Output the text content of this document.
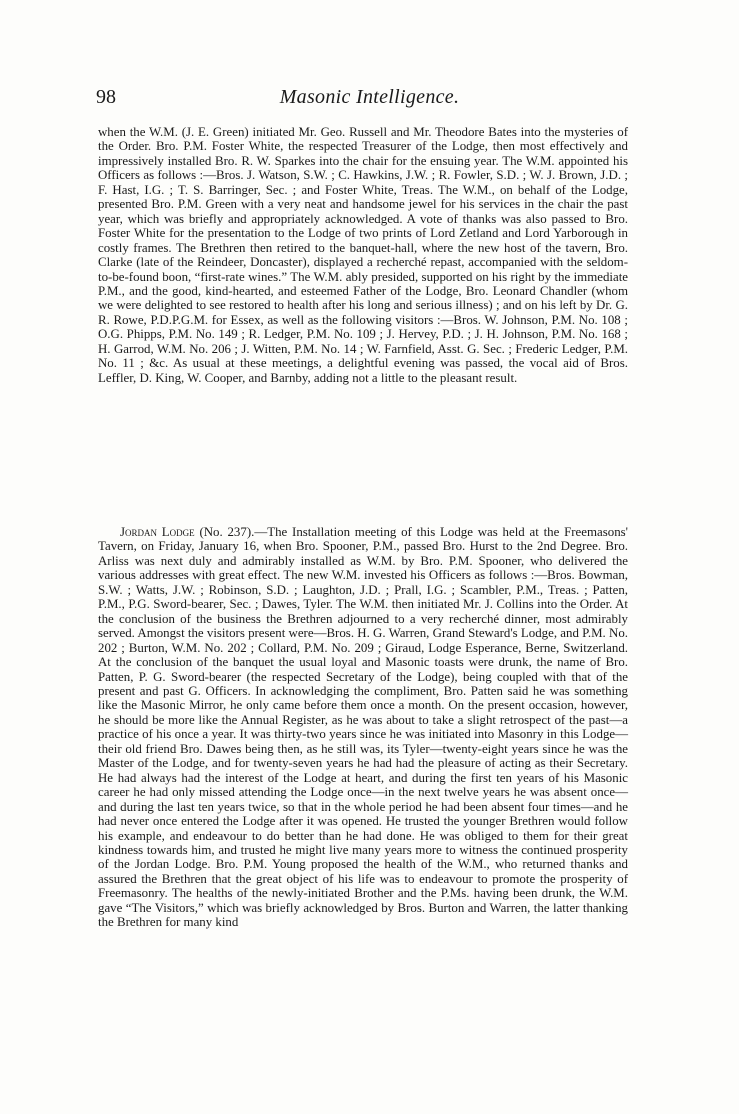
98	Masonic Intelligence.

when the W.M. (J. E. Green) initiated Mr. Geo. Russell and Mr. Theodore Bates into the mysteries of the Order. Bro. P.M. Foster White, the respected Treasurer of the Lodge, then most effectively and impressively installed Bro. R. W. Sparkes into the chair for the ensuing year. The W.M. appointed his Officers as follows :—Bros. J. Watson, S.W. ; C. Hawkins, J.W. ; R. Fowler, S.D. ; W. J. Brown, J.D. ; F. Hast, I.G. ; T. S. Barringer, Sec. ; and Foster White, Treas. The W.M., on behalf of the Lodge, presented Bro. P.M. Green with a very neat and handsome jewel for his services in the chair the past year, which was briefly and appropriately acknowledged. A vote of thanks was also passed to Bro. Foster White for the presentation to the Lodge of two prints of Lord Zetland and Lord Yarborough in costly frames. The Brethren then retired to the banquet-hall, where the new host of the tavern, Bro. Clarke (late of the Reindeer, Doncaster), displayed a recherché repast, accompanied with the seldom-to-be-found boon, “first-rate wines.” The W.M. ably presided, supported on his right by the immediate P.M., and the good, kind-hearted, and esteemed Father of the Lodge, Bro. Leonard Chandler (whom we were delighted to see restored to health after his long and serious illness) ; and on his left by Dr. G. R. Rowe, P.D.P.G.M. for Essex, as well as the following visitors :—Bros. W. Johnson, P.M. No. 108 ; O.G. Phipps, P.M. No. 149 ; R. Ledger, P.M. No. 109 ; J. Hervey, P.D. ; J. H. Johnson, P.M. No. 168 ; H. Garrod, W.M. No. 206 ; J. Witten, P.M. No. 14 ; W. Farnfield, Asst. G. Sec. ; Frederic Ledger, P.M. No. 11 ; &c. As usual at these meetings, a delightful evening was passed, the vocal aid of Bros. Leffler, D. King, W. Cooper, and Barnby, adding not a little to the pleasant result.

Jordan Lodge (No. 237).—The Installation meeting of this Lodge was held at the Freemasons' Tavern, on Friday, January 16, when Bro. Spooner, P.M., passed Bro. Hurst to the 2nd Degree. Bro. Arliss was next duly and admirably installed as W.M. by Bro. P.M. Spooner, who delivered the various addresses with great effect. The new W.M. invested his Officers as follows :—Bros. Bowman, S.W. ; Watts, J.W. ; Robinson, S.D. ; Laughton, J.D. ; Prall, I.G. ; Scambler, P.M., Treas. ; Patten, P.M., P.G. Sword-bearer, Sec. ; Dawes, Tyler. The W.M. then initiated Mr. J. Collins into the Order. At the conclusion of the business the Brethren adjourned to a very recherché dinner, most admirably served. Amongst the visitors present were—Bros. H. G. Warren, Grand Steward's Lodge, and P.M. No. 202 ; Burton, W.M. No. 202 ; Collard, P.M. No. 209 ; Giraud, Lodge Esperance, Berne, Switzerland. At the conclusion of the banquet the usual loyal and Masonic toasts were drunk, the name of Bro. Patten, P. G. Sword-bearer (the respected Secretary of the Lodge), being coupled with that of the present and past G. Officers. In acknowledging the compliment, Bro. Patten said he was something like the Masonic Mirror, he only came before them once a month. On the present occasion, however, he should be more like the Annual Register, as he was about to take a slight retrospect of the past—a practice of his once a year. It was thirty-two years since he was initiated into Masonry in this Lodge—their old friend Bro. Dawes being then, as he still was, its Tyler—twenty-eight years since he was the Master of the Lodge, and for twenty-seven years he had had the pleasure of acting as their Secretary. He had always had the interest of the Lodge at heart, and during the first ten years of his Masonic career he had only missed attending the Lodge once—in the next twelve years he was absent once—and during the last ten years twice, so that in the whole period he had been absent four times—and he had never once entered the Lodge after it was opened. He trusted the younger Brethren would follow his example, and endeavour to do better than he had done. He was obliged to them for their great kindness towards him, and trusted he might live many years more to witness the continued prosperity of the Jordan Lodge. Bro. P.M. Young proposed the health of the W.M., who returned thanks and assured the Brethren that the great object of his life was to endeavour to promote the prosperity of Freemasonry. The healths of the newly-initiated Brother and the P.Ms. having been drunk, the W.M. gave “The Visitors,” which was briefly acknowledged by Bros. Burton and Warren, the latter thanking the Brethren for many kind
